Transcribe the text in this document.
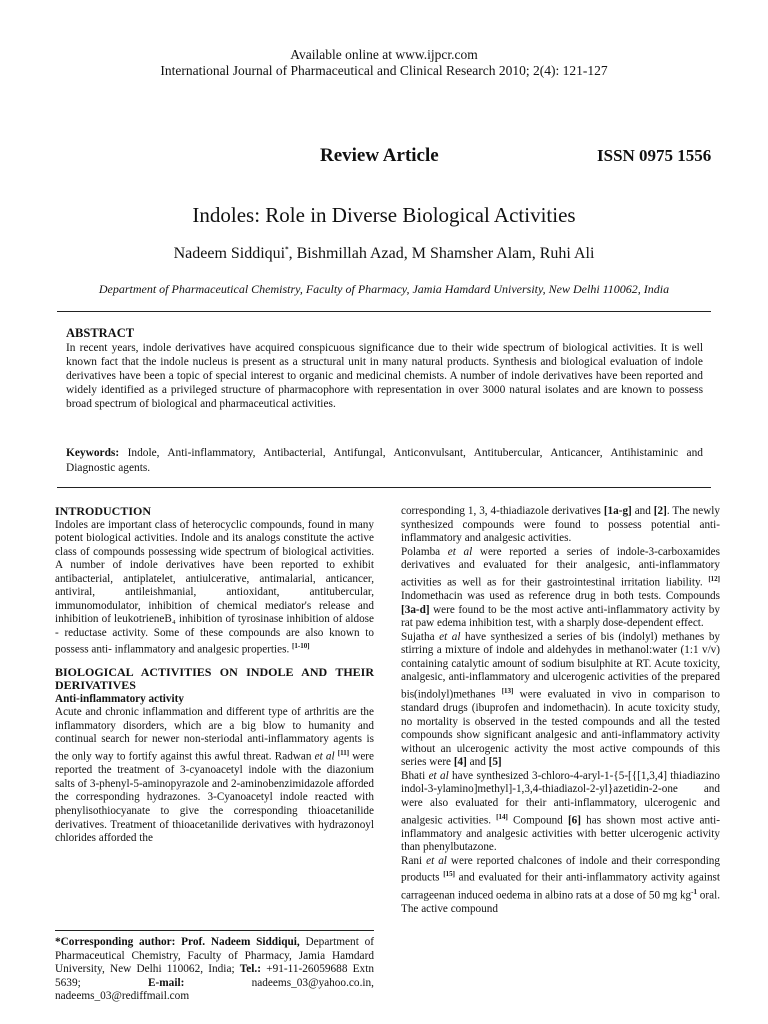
Available online at www.ijpcr.com
International Journal of Pharmaceutical and Clinical Research 2010; 2(4): 121-127
Review Article	ISSN 0975 1556
Indoles: Role in Diverse Biological Activities
Nadeem Siddiqui*, Bishmillah Azad, M Shamsher Alam, Ruhi Ali
Department of Pharmaceutical Chemistry, Faculty of Pharmacy, Jamia Hamdard University, New Delhi 110062, India
ABSTRACT
In recent years, indole derivatives have acquired conspicuous significance due to their wide spectrum of biological activities. It is well known fact that the indole nucleus is present as a structural unit in many natural products. Synthesis and biological evaluation of indole derivatives have been a topic of special interest to organic and medicinal chemists. A number of indole derivatives have been reported and widely identified as a privileged structure of pharmacophore with representation in over 3000 natural isolates and are known to possess broad spectrum of biological and pharmaceutical activities.
Keywords: Indole, Anti-inflammatory, Antibacterial, Antifungal, Anticonvulsant, Antitubercular, Anticancer, Antihistaminic and Diagnostic agents.

INTRODUCTION

Indoles are important class of heterocyclic compounds, found in many potent biological activities. Indole and its analogs constitute the active class of compounds possessing wide spectrum of biological activities. A number of indole derivatives have been reported to exhibit antibacterial, antiplatelet, antiulcerative, antimalarial, anticancer, antiviral, antileishmanial, antioxidant, antitubercular, immunomodulator, inhibition of chemical mediator's release and inhibition of leukotrieneB₄ inhibition of tyrosinase inhibition of aldose - reductase activity. Some of these compounds are also known to possess anti- inflammatory and analgesic properties. [1-10]

BIOLOGICAL ACTIVITIES ON INDOLE AND THEIR DERIVATIVES

Anti-inflammatory activity

Acute and chronic inflammation and different type of arthritis are the inflammatory disorders, which are a big blow to humanity and continual search for newer non-steriodal anti-inflammatory agents is the only way to fortify against this awful threat. Radwan et al [11] were reported the treatment of 3-cyanoacetyl indole with the diazonium salts of 3-phenyl-5-aminopyrazole and 2-aminobenzimidazole afforded the corresponding hydrazones. 3-Cyanoacetyl indole reacted with phenylisothiocyanate to give the corresponding thioacetanilide derivatives. Treatment of thioacetanilide derivatives with hydrazonoyl chlorides afforded the

*Corresponding author: Prof. Nadeem Siddiqui, Department of Pharmaceutical Chemistry, Faculty of Pharmacy, Jamia Hamdard University, New Delhi 110062, India; Tel.: +91-11-26059688 Extn 5639; E-mail: nadeems_03@yahoo.co.in, nadeems_03@rediffmail.com

corresponding 1, 3, 4-thiadiazole derivatives [1a-g] and [2]. The newly synthesized compounds were found to possess potential anti-inflammatory and analgesic activities.

Polamba et al were reported a series of indole-3-carboxamides derivatives and evaluated for their analgesic, anti-inflammatory activities as well as for their gastrointestinal irritation liability. [12] Indomethacin was used as reference drug in both tests. Compounds [3a-d] were found to be the most active anti-inflammatory activity by rat paw edema inhibition test, with a sharply dose-dependent effect.

Sujatha et al have synthesized a series of bis (indolyl) methanes by stirring a mixture of indole and aldehydes in methanol:water (1:1 v/v) containing catalytic amount of sodium bisulphite at RT. Acute toxicity, analgesic, anti-inflammatory and ulcerogenic activities of the prepared bis(indolyl)methanes [13] were evaluated in vivo in comparison to standard drugs (ibuprofen and indomethacin). In acute toxicity study, no mortality is observed in the tested compounds and all the tested compounds show significant analgesic and anti-inflammatory activity without an ulcerogenic activity the most active compounds of this series were [4] and [5]

Bhati et al have synthesized 3-chloro-4-aryl-1-{5-[{[1,3,4] thiadiazino indol-3-ylamino]methyl]-1,3,4-thiadiazol-2-yl}azetidin-2-one and were also evaluated for their anti-inflammatory, ulcerogenic and analgesic activities. [14] Compound [6] has shown most active anti-inflammatory and analgesic activities with better ulcerogenic activity than phenylbutazone.

Rani et al were reported chalcones of indole and their corresponding products [15] and evaluated for their anti-inflammatory activity against carrageenan induced oedema in albino rats at a dose of 50 mg $kg^{-1}$ oral. The active compound
